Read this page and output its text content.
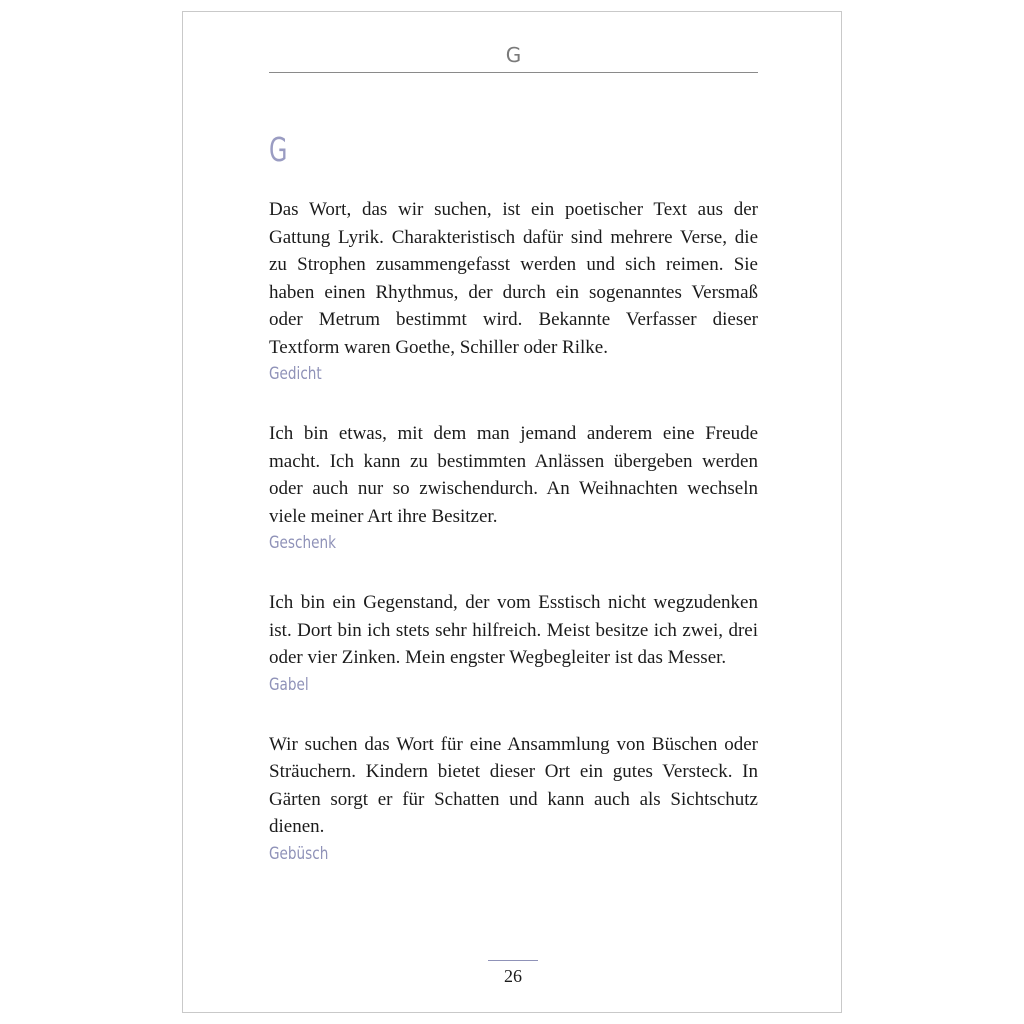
G
G

Das Wort, das wir suchen, ist ein poetischer Text aus der Gattung Lyrik. Charakteristisch dafür sind mehrere Verse, die zu Strophen zusammengefasst werden und sich reimen. Sie haben einen Rhythmus, der durch ein sogenanntes Versmaß oder Metrum bestimmt wird. Bekannte Verfasser dieser Textform waren Goethe, Schiller oder Rilke.

Gedicht

Ich bin etwas, mit dem man jemand anderem eine Freude macht. Ich kann zu bestimmten Anlässen übergeben werden oder auch nur so zwischendurch. An Weihnachten wechseln viele meiner Art ihre Besitzer.

Geschenk

Ich bin ein Gegenstand, der vom Esstisch nicht wegzudenken ist. Dort bin ich stets sehr hilfreich. Meist besitze ich zwei, drei oder vier Zinken. Mein engster Wegbegleiter ist das Messer.

Gabel

Wir suchen das Wort für eine Ansammlung von Büschen oder Sträuchern. Kindern bietet dieser Ort ein gutes Versteck. In Gärten sorgt er für Schatten und kann auch als Sichtschutz dienen.

Gebüsch

26
